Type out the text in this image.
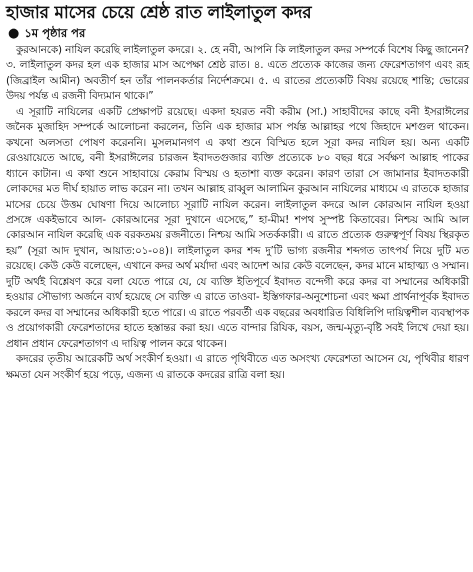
হাজার মাসের চেয়ে শ্রেষ্ঠ রাত লাইলাতুল কদর
● ১ম পৃষ্ঠার পর

কুরআনকে) নাযিল করেছি লাইলাতুল কদরে। ২. হে নবী, আপনি কি লাইলাতুল কদর সম্পর্কে বিশেষ কিছু জানেন? ৩. লাইলাতুল কদর হল এক হাজার মাস অপেক্ষা শ্রেষ্ঠ রাত। ৪. এতে প্রত্যেক কাজের জন্য ফেরেশতাগণ এবং রূহ (জিব্রাইল আমীন) অবতীর্ণ হন তাঁর পালনকর্তার নির্দেশক্রমে। ৫. এ রাতের প্রত্যেকটি বিষয় রয়েছে শান্তি; ভোরের উদয় পর্যন্ত এ রজনী বিদ্যমান থাকে।”

এ সূরাটি নাযিলের একটি প্রেক্ষাপট রয়েছে। একদা হযরত নবী করীম (সা.) সাহাবীদের কাছে বনী ইসরাঈলের জনৈক মুজাহিদ সম্পর্কে আলোচনা করলেন, তিনি এক হাজার মাস পর্যন্ত আল্লাহর পথে জিহাদে মশগুল থাকেন। কখনো অলসতা পোষণ করেননি। মুসলমানগণ এ কথা শুনে বিস্মিত হলে সূরা কদর নাযিল হয়। অন্য একটি রেওয়ায়েতে আছে, বনী ইসরাঈলের চারজন ইবাদতগুজার ব্যক্তি প্রত্যেকে ৮০ বছর ধরে সর্বক্ষণ আল্লাহ পাকের ধ্যানে কাটান। এ কথা শুনে সাহাবায়ে কেরাম বিস্ময় ও হতাশা ব্যক্ত করেন। কারণ তারা সে জামানার ইবাদতকারী লোকদের মত দীর্ঘ হায়াত লাভ করেন না। তখন আল্লাহ রাব্বুল আলামিন কুরআন নাযিলের মাধ্যমে এ রাতকে হাজার মাসের চেয়ে উত্তম ঘোষণা দিয়ে আলোচ্য সূরাটি নাযিল করেন। লাইলাতুল কদরে আল কোরআন নাযিল হওয়া প্রসঙ্গে একইভাবে আল- কোরআনের সূরা দুখানে এসেছে,” হা-মীম! শপথ সুস্পষ্ট কিতাবের। নিশ্চয় আমি আল কোরআন নাযিল করেছি এক বরকতময় রজনীতে। নিশ্চয় আমি সতর্ককারী। এ রাতে প্রত্যেক গুরুত্বপূর্ণ বিষয় স্থিরকৃত হয়” (সূরা আদ দুখান, আয়াত:০১-০৪)। লাইলাতুল কদর শব্দ দু’টি ভাগ্য রজনীর শব্দগত তাৎপর্য নিয়ে দুটি মত রয়েছে। কেউ কেউ বলেছেন, এখানে কদর অর্থ মর্যাদা এবং আদেশ আর কেউ বলেছেন, কদর মানে মাহাত্ম্য ও সম্মান। দুটি অর্থই বিশ্লেষণ করে বলা যেতে পারে যে, যে ব্যক্তি ইতিপূর্বে ইবাদত বন্দেগী করে কদর বা সম্মানের অধিকারী হওয়ার সৌভাগ্য অর্জনে ব্যর্থ হয়েছে সে ব্যক্তি এ রাতে তাওবা- ইস্তিগফার-অনুশোচনা এবং ক্ষমা প্রার্থনাপূর্বক ইবাদত করলে কদর বা সম্মানের অধিকারী হতে পারে। এ রাতে পরবর্তী এক বছরের অবধারিত বিধিলিপি দায়িত্বশীল ব্যবস্থাপক ও প্রয়োগকারী ফেরেশতাদের হাতে হস্তান্তর করা হয়। এতে বান্দার রিযিক, বয়স, জন্ম-মৃত্যু-বৃষ্টি সবই লিখে দেয়া হয়। প্রধান প্রধান ফেরেশতাগণ এ দায়িত্ব পালন করে থাকেন।

কদরের তৃতীয় আরেকটি অর্থ সংকীর্ণ হওয়া। এ রাতে পৃথিবীতে এত অসংখ্য ফেরেশতা আসেন যে, পৃথিবীর ধারণ ক্ষমতা যেন সংকীর্ণ হয়ে পড়ে, এজন্য এ রাতকে কদরের রাত্রি বলা হয়।
